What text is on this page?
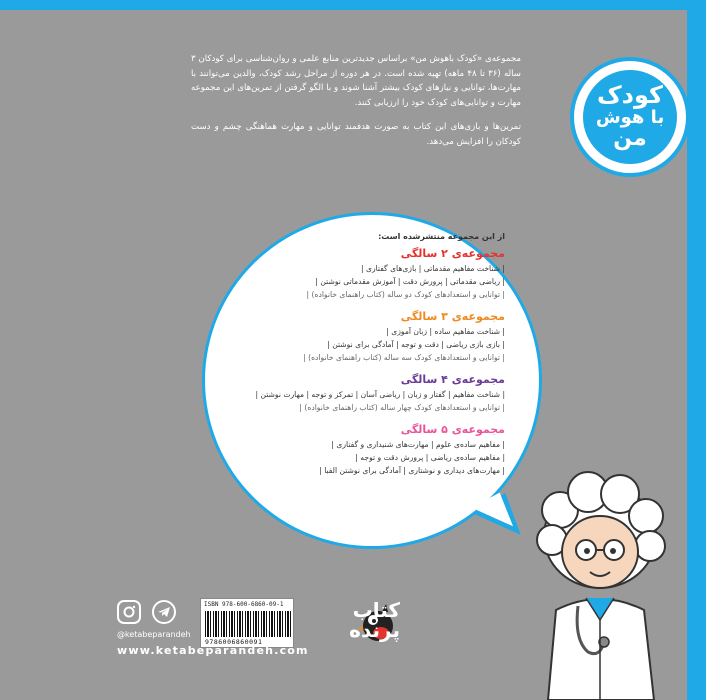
کودک
با هوش
من

مجموعه‌ی «کودک باهوش من» براساس جدیدترین منابع علمی و روان‌شناسی برای کودکان ۳ ساله (۳۶ تا ۴۸ ماهه) تهیه شده است. در هر دوره از مراحل رشد کودک، والدین می‌توانند با مهارت‌ها، توانایی و نیازهای کودک بیشتر آشنا شوند و با الگو گرفتن از تمرین‌های این مجموعه مهارت و توانایی‌های کودک خود را ارزیابی کنند.

تمرین‌ها و بازی‌های این کتاب به صورت هدفمند توانایی و مهارت هماهنگی چشم و دست کودکان را افزایش می‌دهد.

از این مجموعه منتشرشده است:
مجموعه‌ی ۲ سالگی
| شناخت مفاهیم مقدماتی | بازی‌های گفتاری |
| ریاضی مقدماتی | پرورش دقت | آموزش مقدماتی نوشتن |
| توانایی و استعدادهای کودک دو ساله (کتاب راهنمای خانواده) |
مجموعه‌ی ۳ سالگی
| شناخت مفاهیم ساده | زبان آموزی |
| بازی بازی ریاضی | دقت و توجه | آمادگی برای نوشتن |
| توانایی و استعدادهای کودک سه ساله (کتاب راهنمای خانواده) |
مجموعه‌ی ۴ سالگی
| شناخت مفاهیم | گفتار و زبان | ریاضی آسان | تمرکز و توجه | مهارت نوشتن |
| توانایی و استعدادهای کودک چهار ساله (کتاب راهنمای خانواده) |
مجموعه‌ی ۵ سالگی
| مفاهیم ساده‌ی علوم | مهارت‌های شنیداری و گفتاری |
| مفاهیم ساده‌ی ریاضی | پرورش دقت و توجه |
| مهارت‌های دیداری و نوشتاری | آمادگی برای نوشتن الفبا |
ISBN 978-600-6860-09-1
9786006860091
کتاب پرنده
@ketabeparandeh
www.ketabeparandeh.com
